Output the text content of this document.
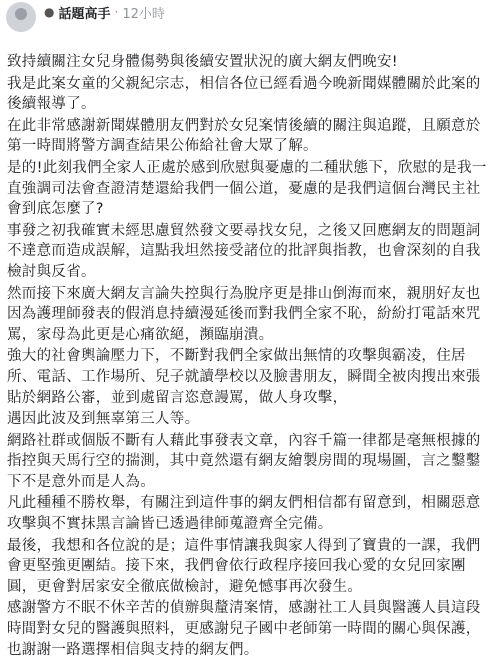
● 話題高手 · 12小時

致持續關注女兒身體傷勢與後續安置狀況的廣大網友們晚安!

我是此案女童的父親紀宗志，相信各位已經看過今晚新聞媒體關於此案的後續報導了。

在此非常感謝新聞媒體朋友們對於女兒案情後續的關注與追蹤，且願意於第一時間將警方調查結果公佈給社會大眾了解。

是的!此刻我們全家人正處於感到欣慰與憂慮的二種狀態下，欣慰的是我一直強調司法會查證清楚還給我們一個公道，憂慮的是我們這個台灣民主社會到底怎麼了?

事發之初我確實未經思慮貿然發文要尋找女兒，之後又回應網友的問題詞不達意而造成誤解，這點我坦然接受諸位的批評與指教，也會深刻的自我檢討與反省。

然而接下來廣大網友言論失控與行為脫序更是排山倒海而來，親朋好友也因為護理師發表的假消息持續漫延後而對我們全家不恥，紛紛打電話來咒罵，家母為此更是心痛欲絕，瀕臨崩潰。

強大的社會輿論壓力下，不斷對我們全家做出無情的攻擊與霸凌，住居所、電話、工作場所、兒子就讀學校以及臉書朋友，瞬間全被肉搜出來張貼於網路公審，並到處留言恣意謾罵，做人身攻擊，

遇因此波及到無辜第三人等。

網路社群或個版不斷有人藉此事發表文章，內容千篇一律都是毫無根據的指控與天馬行空的揣測，其中竟然還有網友繪製房間的現場圖，言之鑿鑿下不是意外而是人為。

凡此種種不勝枚舉，有關注到這件事的網友們相信都有留意到，相關惡意攻擊與不實抹黑言論皆已透過律師蒐證齊全完備。

最後，我想和各位說的是；這件事情讓我與家人得到了寶貴的一課，我們會更堅強更團結。接下來，我們會依行政程序接回我心愛的女兒回家團圓，更會對居家安全徹底做檢討，避免憾事再次發生。

感謝警方不眠不休辛苦的偵辦與釐清案情，感謝社工人員與醫護人員這段時間對女兒的醫護與照料，更感謝兒子國中老師第一時間的關心與保護，也謝謝一路選擇相信與支持的網友們。
